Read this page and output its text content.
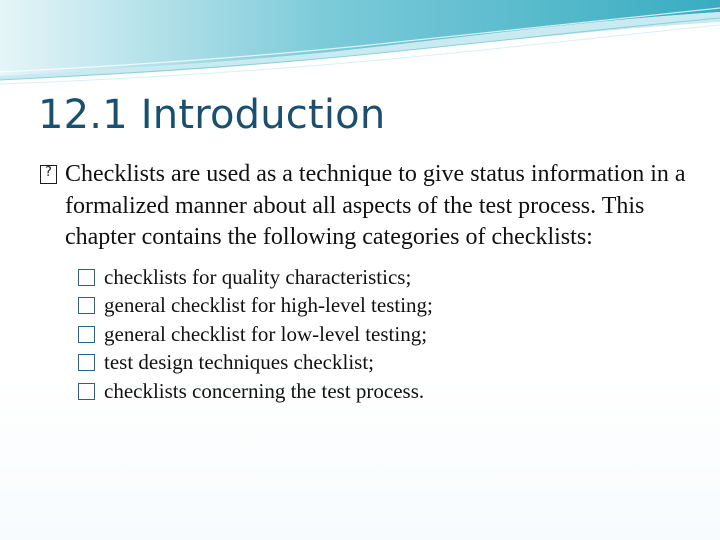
12.1 Introduction
?
Checklists are used as a technique to give status information in a formalized manner about all aspects of the test process. This chapter contains the following categories of checklists:
checklists for quality characteristics;
general checklist for high-level testing;
general checklist for low-level testing;
test design techniques checklist;
checklists concerning the test process.
